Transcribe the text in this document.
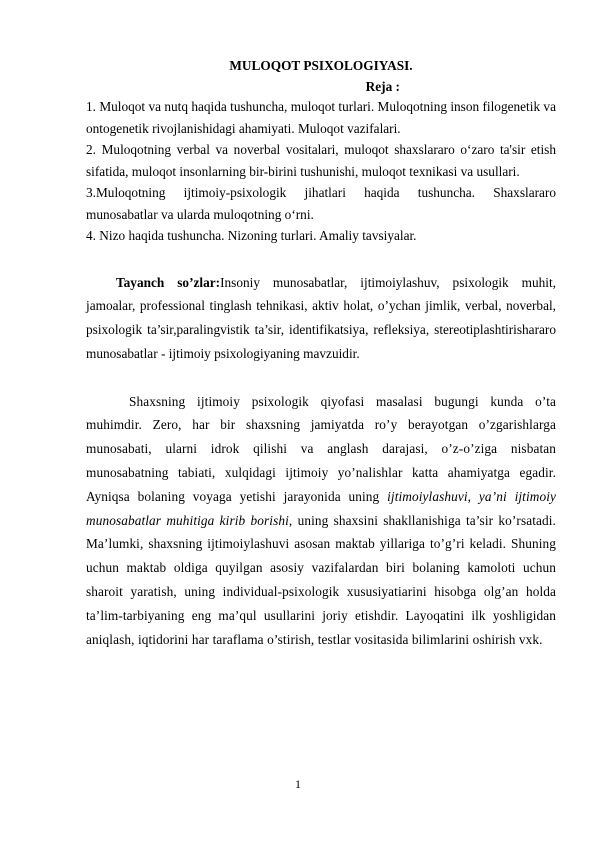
MULOQOT PSIXOLOGIYASI.

Reja :

1. Muloqot va nutq haqida tushuncha, muloqot turlari. Muloqotning inson filogenetik va ontogenetik rivojlanishidagi ahamiyati. Muloqot vazifalari.

2. Muloqotning verbal va noverbal vositalari, muloqot shaxslararo o‘zaro ta'sir etish sifatida, muloqot insonlarning bir-birini tushunishi, muloqot texnikasi va usullari.

3.Muloqotning ijtimoiy-psixologik jihatlari haqida tushuncha. Shaxslararo munosabatlar va ularda muloqotning o‘rni.

4. Nizo haqida tushuncha. Nizoning turlari. Amaliy tavsiyalar.

Tayanch so’zlar:Insoniy munosabatlar, ijtimoiylashuv, psixologik muhit, jamoalar, professional tinglash tehnikasi, aktiv holat, o’ychan jimlik, verbal, noverbal, psixologik ta’sir,paralingvistik ta’sir, identifikatsiya, refleksiya, stereotiplashtirishararo munosabatlar - ijtimoiy psixologiyaning mavzuidir.

Shaxsning ijtimoiy psixologik qiyofasi masalasi bugungi kunda o’ta muhimdir. Zero, har bir shaxsning jamiyatda ro’y berayotgan o’zgarishlarga munosabati, ularni idrok qilishi va anglash darajasi, o’z-o’ziga nisbatan munosabatning tabiati, xulqidagi ijtimoiy yo’nalishlar katta ahamiyatga egadir. Ayniqsa bolaning voyaga yetishi jarayonida uning ijtimoiylashuvi, ya’ni ijtimoiy munosabatlar muhitiga kirib borishi, uning shaxsini shakllanishiga ta’sir ko’rsatadi. Ma’lumki, shaxsning ijtimoiylashuvi asosan maktab yillariga to’g’ri keladi. Shuning uchun maktab oldiga quyilgan asosiy vazifalardan biri bolaning kamoloti uchun sharoit yaratish, uning individual-psixologik xususiyatiarini hisobga olg’an holda ta’lim-tarbiyaning eng ma’qul usullarini joriy etishdir. Layoqatini ilk yoshligidan aniqlash, iqtidorini har taraflama o’stirish, testlar vositasida bilimlarini oshirish vxk.

1
